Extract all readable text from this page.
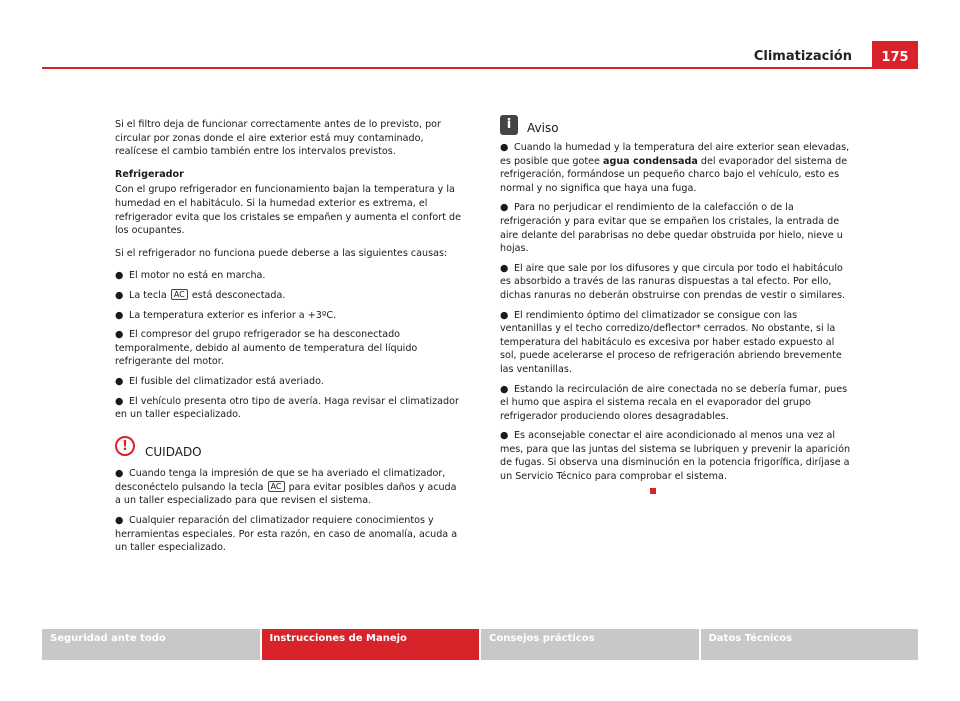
Climatización	175

Si el filtro deja de funcionar correctamente antes de lo previsto, por circular por zonas donde el aire exterior está muy contaminado, realícese el cambio también entre los intervalos previstos.

Refrigerador

Con el grupo refrigerador en funcionamiento bajan la temperatura y la humedad en el habitáculo. Si la humedad exterior es extrema, el refrigerador evita que los cristales se empañen y aumenta el confort de los ocupantes.

Si el refrigerador no funciona puede deberse a las siguientes causas:

● El motor no está en marcha.
● La tecla AC está desconectada.
● La temperatura exterior es inferior a +3ºC.
● El compresor del grupo refrigerador se ha desconectado temporalmente, debido al aumento de temperatura del líquido refrigerante del motor.
● El fusible del climatizador está averiado.
● El vehículo presenta otro tipo de avería. Haga revisar el climatizador en un taller especializado.
!	CUIDADO
● Cuando tenga la impresión de que se ha averiado el climatizador, desconéctelo pulsando la tecla AC para evitar posibles daños y acuda a un taller especializado para que revisen el sistema.
● Cualquier reparación del climatizador requiere conocimientos y herramientas especiales. Por esta razón, en caso de anomalía, acuda a un taller especializado.
i	Aviso
● Cuando la humedad y la temperatura del aire exterior sean elevadas, es posible que gotee agua condensada del evaporador del sistema de refrigeración, formándose un pequeño charco bajo el vehículo, esto es normal y no significa que haya una fuga.
● Para no perjudicar el rendimiento de la calefacción o de la refrigeración y para evitar que se empañen los cristales, la entrada de aire delante del parabrisas no debe quedar obstruida por hielo, nieve u hojas.
● El aire que sale por los difusores y que circula por todo el habitáculo es absorbido a través de las ranuras dispuestas a tal efecto. Por ello, dichas ranuras no deberán obstruirse con prendas de vestir o similares.
● El rendimiento óptimo del climatizador se consigue con las ventanillas y el techo corredizo/deflector* cerrados. No obstante, si la temperatura del habitáculo es excesiva por haber estado expuesto al sol, puede acelerarse el proceso de refrigeración abriendo brevemente las ventanillas.
● Estando la recirculación de aire conectada no se debería fumar, pues el humo que aspira el sistema recala en el evaporador del grupo refrigerador produciendo olores desagradables.
● Es aconsejable conectar el aire acondicionado al menos una vez al mes, para que las juntas del sistema se lubriquen y prevenir la aparición de fugas. Si observa una disminución en la potencia frigorífica, diríjase a un Servicio Técnico para comprobar el sistema.
Seguridad ante todo	Instrucciones de Manejo	Consejos prácticos	Datos Técnicos
